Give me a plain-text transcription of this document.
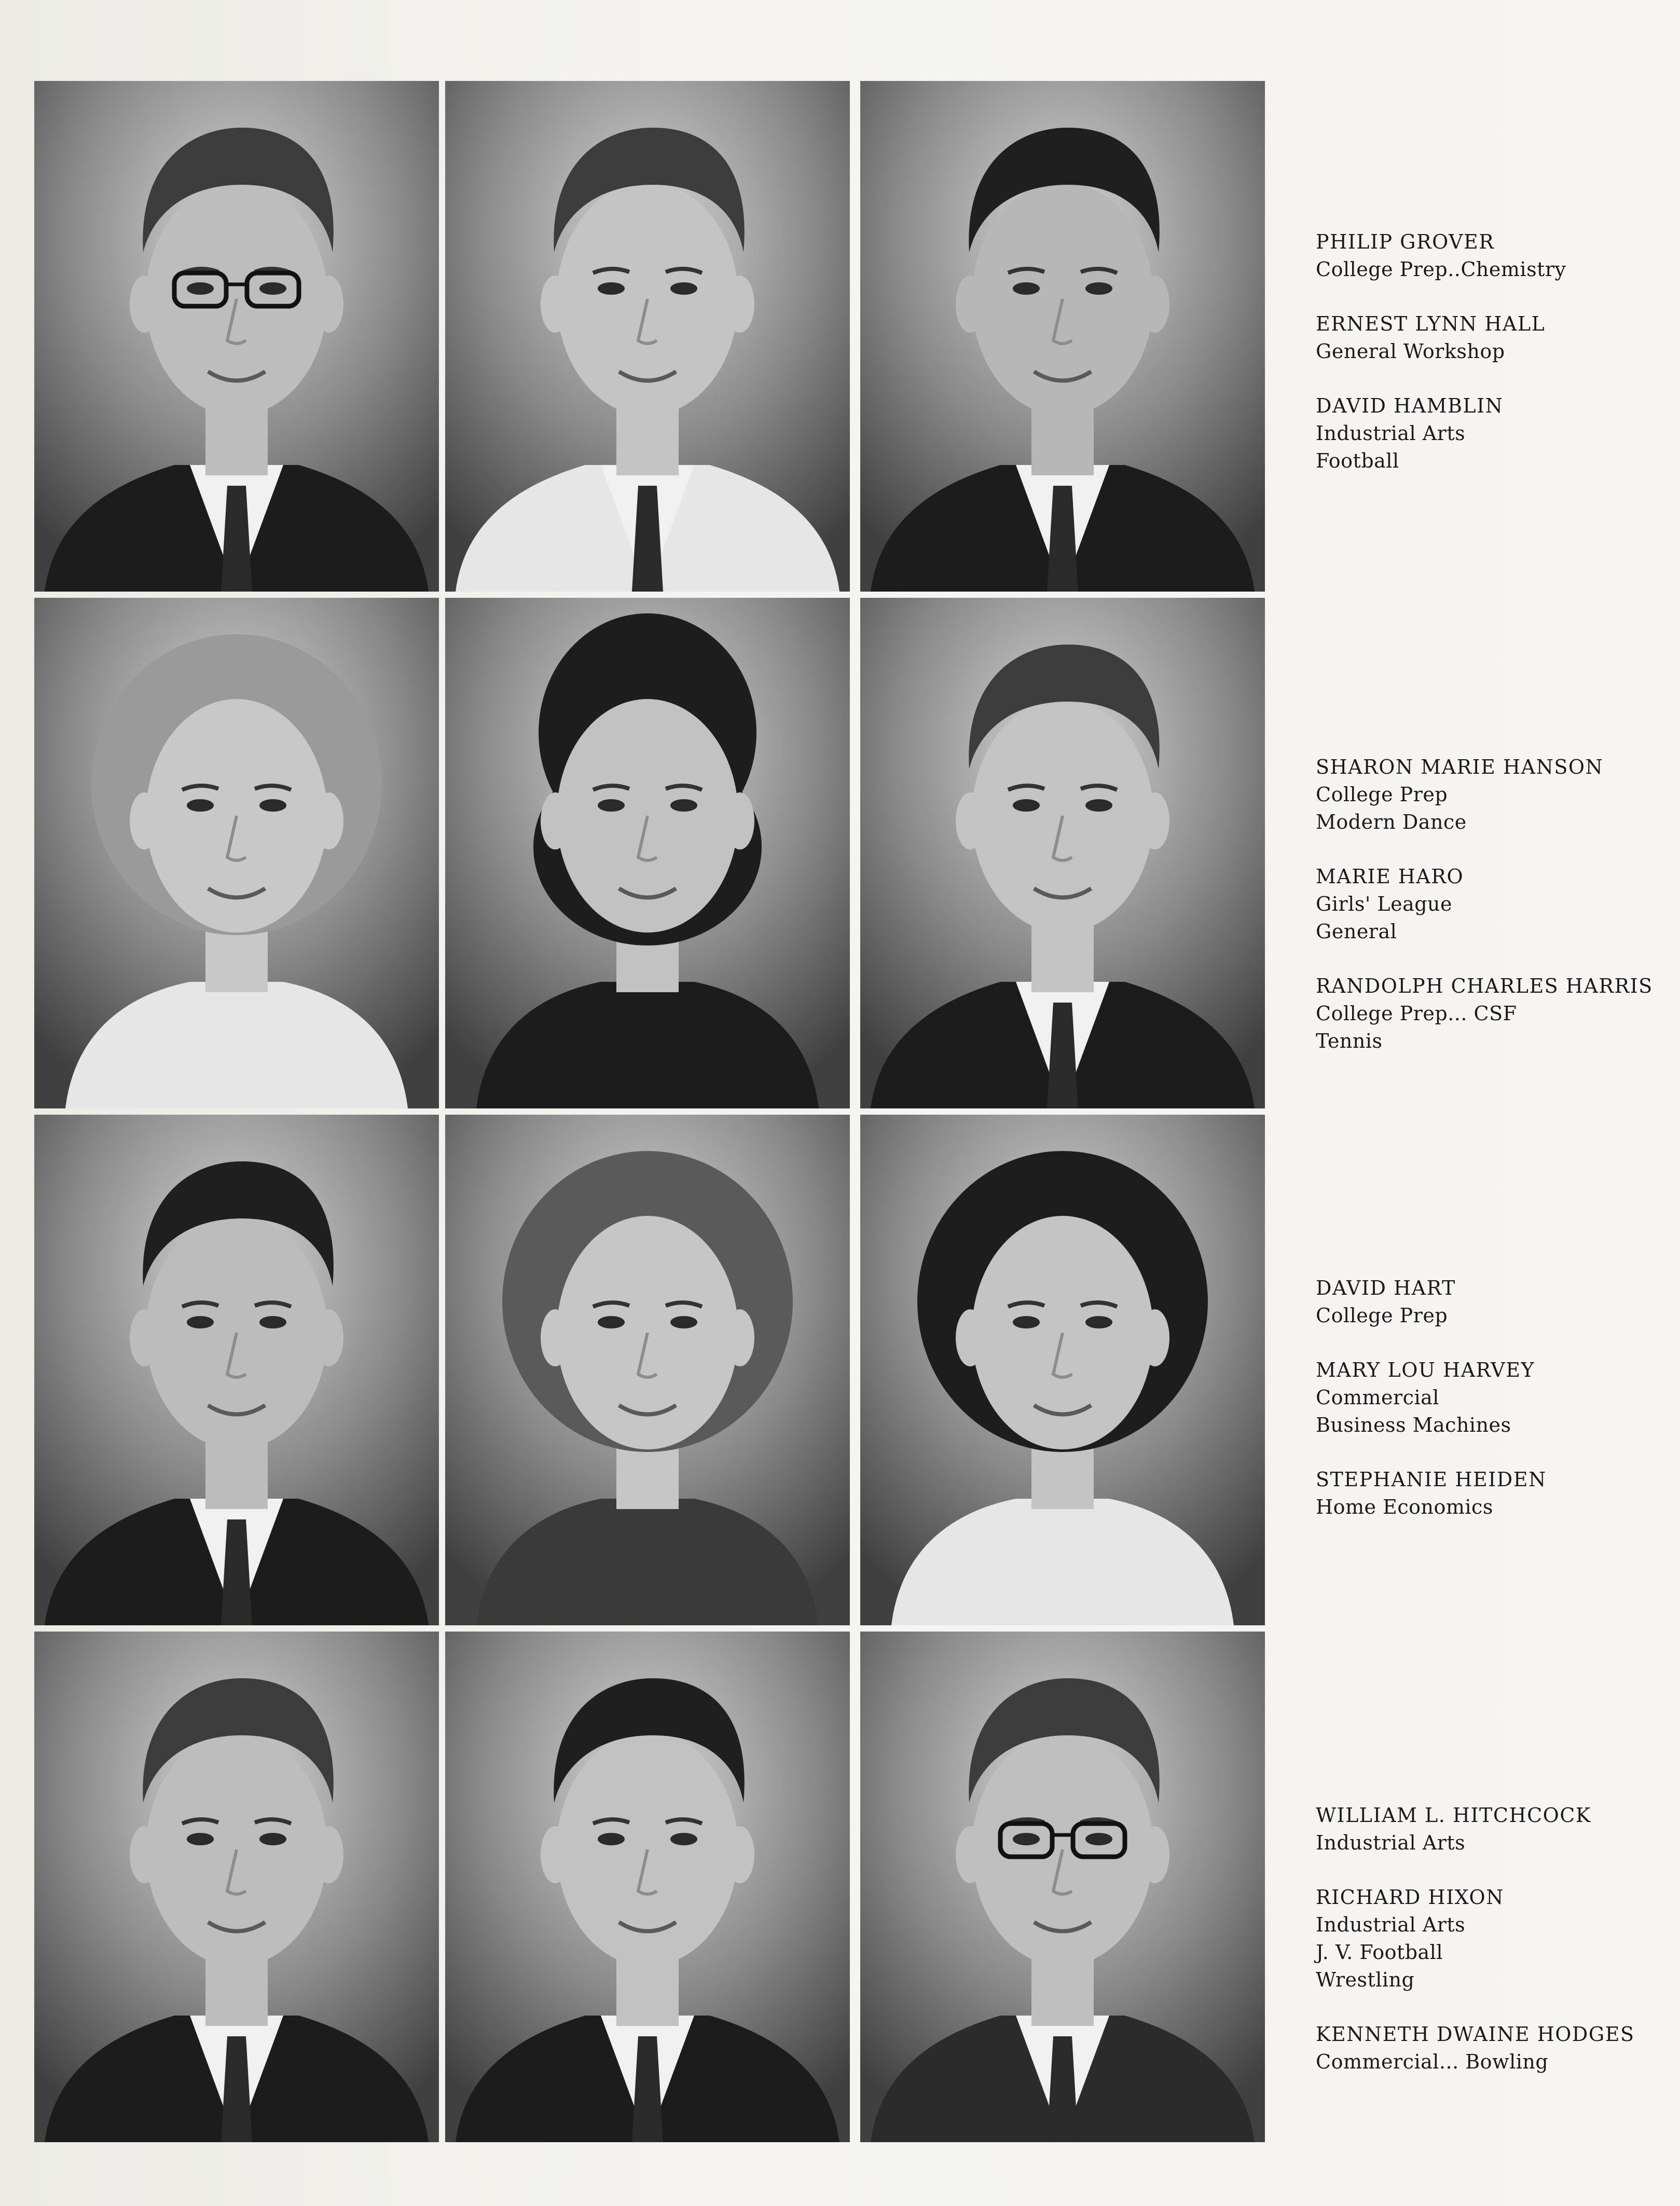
PHILIP GROVER
College Prep..Chemistry
ERNEST LYNN HALL
General Workshop
DAVID HAMBLIN
Industrial Arts
Football
SHARON MARIE HANSON
College Prep
Modern Dance
MARIE HARO
Girls' League
General
RANDOLPH CHARLES HARRIS
College Prep... CSF
Tennis
DAVID HART
College Prep
MARY LOU HARVEY
Commercial
Business Machines
STEPHANIE HEIDEN
Home Economics
WILLIAM L. HITCHCOCK
Industrial Arts
RICHARD HIXON
Industrial Arts
J. V. Football
Wrestling
KENNETH DWAINE HODGES
Commercial... Bowling
